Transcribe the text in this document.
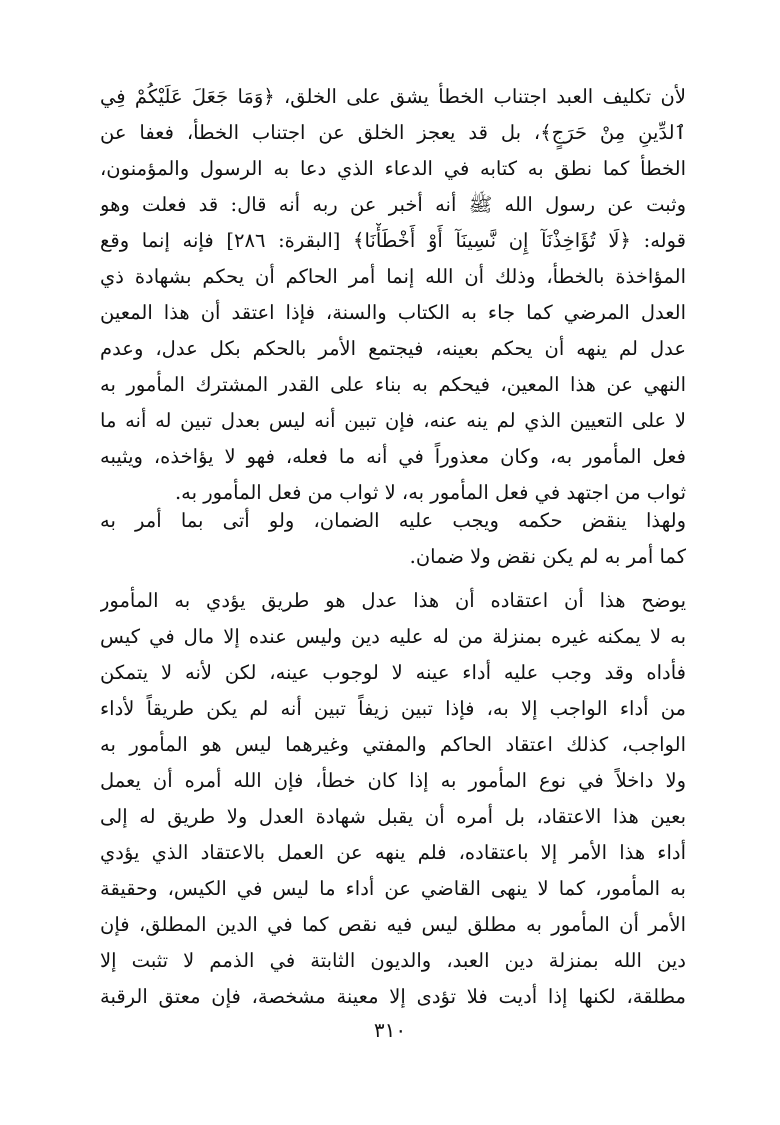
لأن تكليف العبد اجتناب الخطأ يشق على الخلق، ﴿وَمَا جَعَلَ عَلَيْكُمْ فِي
ٱلدِّينِ مِنْ حَرَجٍ﴾، بل قد يعجز الخلق عن اجتناب الخطأ، فعفا عن
الخطأ كما نطق به كتابه في الدعاء الذي دعا به الرسول والمؤمنون،
وثبت عن رسول الله ﷺ أنه أخبر عن ربه أنه قال: قد فعلت وهو
قوله: ﴿لَا تُؤَاخِذْنَآ إِن نَّسِينَآ أَوْ أَخْطَأْنَا﴾ [البقرة: ٢٨٦] فإنه إنما وقع
المؤاخذة بالخطأ، وذلك أن الله إنما أمر الحاكم أن يحكم بشهادة ذي
العدل المرضي كما جاء به الكتاب والسنة، فإذا اعتقد أن هذا المعين
عدل لم ينهه أن يحكم بعينه، فيجتمع الأمر بالحكم بكل عدل، وعدم
النهي عن هذا المعين، فيحكم به بناء على القدر المشترك المأمور به
لا على التعيين الذي لم ينه عنه، فإن تبين أنه ليس بعدل تبين له أنه ما
فعل المأمور به، وكان معذوراً في أنه ما فعله، فهو لا يؤاخذه، ويثيبه
ثواب من اجتهد في فعل المأمور به، لا ثواب من فعل المأمور به.
ولهذا ينقض حكمه ويجب عليه الضمان، ولو أتى بما أمر به
كما أمر به لم يكن نقض ولا ضمان.
يوضح هذا أن اعتقاده أن هذا عدل هو طريق يؤدي به المأمور
به لا يمكنه غيره بمنزلة من له عليه دين وليس عنده إلا مال في كيس
فأداه وقد وجب عليه أداء عينه لا لوجوب عينه، لكن لأنه لا يتمكن
من أداء الواجب إلا به، فإذا تبين زيفاً تبين أنه لم يكن طريقاً لأداء
الواجب، كذلك اعتقاد الحاكم والمفتي وغيرهما ليس هو المأمور به
ولا داخلاً في نوع المأمور به إذا كان خطأ، فإن الله أمره أن يعمل
بعين هذا الاعتقاد، بل أمره أن يقبل شهادة العدل ولا طريق له إلى
أداء هذا الأمر إلا باعتقاده، فلم ينهه عن العمل بالاعتقاد الذي يؤدي
به المأمور، كما لا ينهى القاضي عن أداء ما ليس في الكيس، وحقيقة
الأمر أن المأمور به مطلق ليس فيه نقص كما في الدين المطلق، فإن
دين الله بمنزلة دين العبد، والديون الثابتة في الذمم لا تثبت إلا
مطلقة، لكنها إذا أديت فلا تؤدى إلا معينة مشخصة، فإن معتق الرقبة
٣١٠
